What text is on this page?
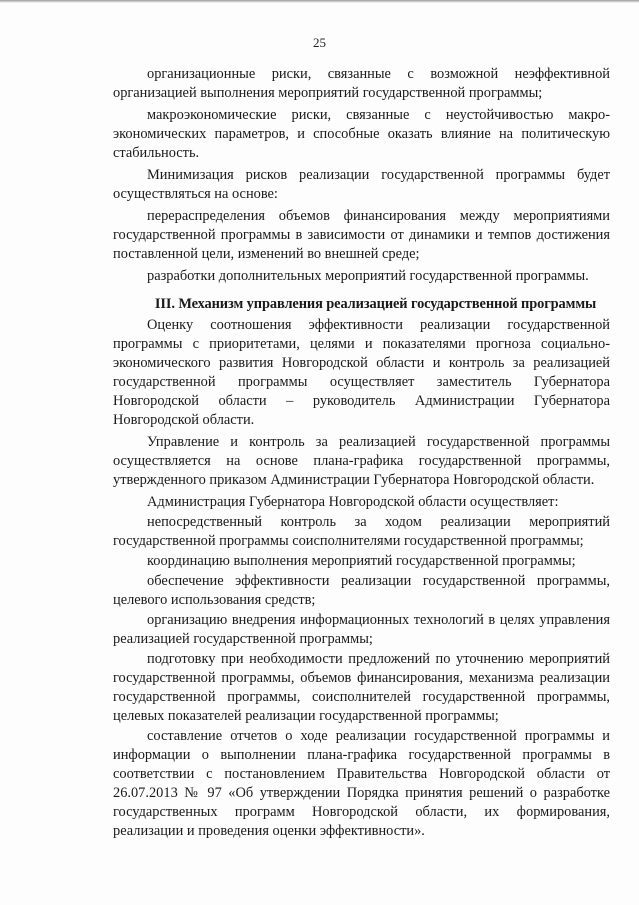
25

организационные риски, связанные с возможной неэффективной организацией выполнения мероприятий государственной программы;

макроэкономические риски, связанные с неустойчивостью макро-экономических параметров, и способные оказать влияние на политическую стабильность.

Минимизация рисков реализации государственной программы будет осуществляться на основе:

перераспределения объемов финансирования между мероприятиями государственной программы в зависимости от динамики и темпов достижения поставленной цели, изменений во внешней среде;

разработки дополнительных мероприятий государственной программы.

III. Механизм управления реализацией государственной программы

Оценку соотношения эффективности реализации государственной программы с приоритетами, целями и показателями прогноза социально-экономического развития Новгородской области и контроль за реализацией государственной программы осуществляет заместитель Губернатора Новгородской области – руководитель Администрации Губернатора Новгородской области.

Управление и контроль за реализацией государственной программы осуществляется на основе плана-графика государственной программы, утвержденного приказом Администрации Губернатора Новгородской области.

Администрация Губернатора Новгородской области осуществляет:

непосредственный контроль за ходом реализации мероприятий государственной программы соисполнителями государственной программы;

координацию выполнения мероприятий государственной программы;

обеспечение эффективности реализации государственной программы, целевого использования средств;

организацию внедрения информационных технологий в целях управления реализацией государственной программы;

подготовку при необходимости предложений по уточнению мероприятий государственной программы, объемов финансирования, механизма реализации государственной программы, соисполнителей государственной программы, целевых показателей реализации государственной программы;

составление отчетов о ходе реализации государственной программы и информации о выполнении плана-графика государственной программы в соответствии с постановлением Правительства Новгородской области от 26.07.2013 № 97 «Об утверждении Порядка принятия решений о разработке государственных программ Новгородской области, их формирования, реализации и проведения оценки эффективности».
